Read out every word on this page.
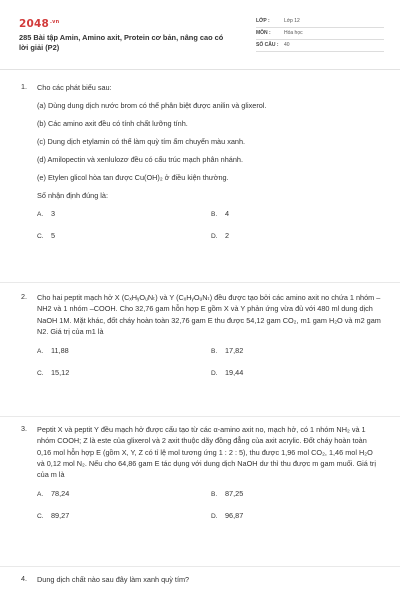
$2048^{.vn}$
285 Bài tập Amin, Amino axit, Protein cơ bản, nâng cao có lời giải (P2)
LỚP :	Lớp 12
MÔN :	Hóa học
SỐ CÂU :	40
1. Cho các phát biểu sau:
(a) Dùng dung dịch nước brom có thể phân biệt được anilin và glixerol.
(b) Các amino axit đều có tính chất lưỡng tính.
(c) Dung dịch etylamin có thể làm quỳ tím ẩm chuyển màu xanh.
(d) Amilopectin và xenlulozơ đều có cấu trúc mạch phân nhánh.
(e) Etylen glicol hòa tan được Cu(OH)₂ ở điều kiện thường.
Số nhận định đúng là:
A. 3	B. 4
C. 5	D. 2
2. Cho hai peptit mạch hở X (CₓHᵧOᵤNₜ) và Y (CₓHᵧOᵤNₜ) đều được tạo bởi các amino axit no chứa 1 nhóm –NH2 và 1 nhóm –COOH. Cho 32,76 gam hỗn hợp E gồm X và Y phản ứng vừa đủ với 480 ml dung dịch NaOH 1M. Mặt khác, đốt cháy hoàn toàn 32,76 gam E thu được 54,12 gam CO₂, m1 gam H₂O và m2 gam N2. Giá trị của m1 là
A. 11,88	B. 17,82
C. 15,12	D. 19,44
3. Peptit X và peptit Y đều mạch hở được cấu tạo từ các α-amino axit no, mạch hở, có 1 nhóm NH₂ và 1 nhóm COOH; Z là este của glixerol và 2 axit thuộc dãy đồng đẳng của axit acrylic. Đốt cháy hoàn toàn 0,16 mol hỗn hợp E (gồm X, Y, Z có tỉ lệ mol tương ứng 1 : 2 : 5), thu được 1,96 mol CO₂, 1,46 mol H₂O và 0,12 mol N₂. Nếu cho 64,86 gam E tác dụng với dung dịch NaOH dư thì thu được m gam muối. Giá trị của m là
A. 78,24	B. 87,25
C. 89,27	D. 96,87
4. Dung dịch chất nào sau đây làm xanh quỳ tím?
